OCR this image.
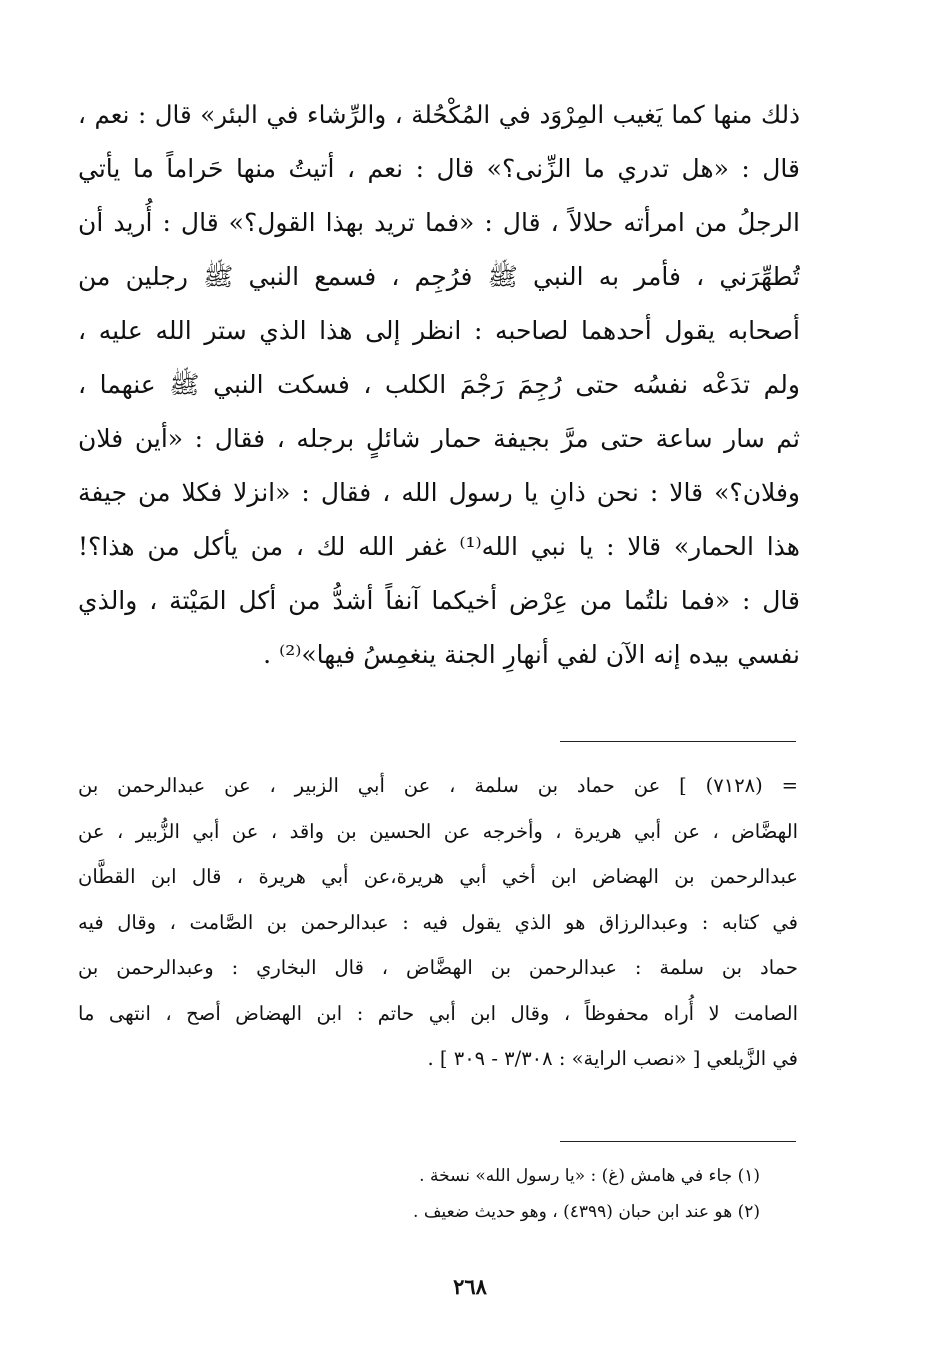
ذلك منها كما يَغيب المِرْوَد في المُكْحُلة ، والرِّشاء في البئر» قال : نعم ،
قال : «هل تدري ما الزِّنى؟» قال : نعم ، أتيتُ منها حَراماً ما يأتي
الرجلُ من امرأته حلالاً ، قال : «فما تريد بهذا القول؟» قال : أُريد أن
تُطهِّرَني ، فأمر به النبي ﷺ فرُجِم ، فسمع النبي ﷺ رجلين من
أصحابه يقول أحدهما لصاحبه : انظر إلى هذا الذي ستر الله عليه ،
ولم تدَعْه نفسُه حتى رُجِمَ رَجْمَ الكلب ، فسكت النبي ﷺ عنهما ،
ثم سار ساعة حتى مرَّ بجيفة حمار شائلٍ برجله ، فقال : «أين فلان
وفلان؟» قالا : نحن ذانِ يا رسول الله ، فقال : «انزلا فكلا من جيفة
هذا الحمار» قالا : يا نبي الله⁽¹⁾ غفر الله لك ، من يأكل من هذا؟!
قال : «فما نلتُما من عِرْض أخيكما آنفاً أشدُّ من أكل المَيْتة ، والذي
نفسي بيده إنه الآن لفي أنهارِ الجنة ينغمِسُ فيها»⁽²⁾ .
= (٧١٢٨) ] عن حماد بن سلمة ، عن أبي الزبير ، عن عبدالرحمن بن
الهضَّاض ، عن أبي هريرة ، وأخرجه عن الحسين بن واقد ، عن أبي الزُّبير ، عن
عبدالرحمن بن الهضاض ابن أخي أبي هريرة،عن أبي هريرة ، قال ابن القطَّان
في كتابه : وعبدالرزاق هو الذي يقول فيه : عبدالرحمن بن الصَّامت ، وقال فيه
حماد بن سلمة : عبدالرحمن بن الهضَّاض ، قال البخاري : وعبدالرحمن بن
الصامت لا أُراه محفوظاً ، وقال ابن أبي حاتم : ابن الهضاض أصح ، انتهى ما
في الزَّيلعي [ «نصب الراية» : ٣/٣٠٨ - ٣٠٩ ] .
(١) جاء في هامش (غ) : «يا رسول الله» نسخة .
(٢) هو عند ابن حبان (٤٣٩٩) ، وهو حديث ضعيف .
٢٦٨
